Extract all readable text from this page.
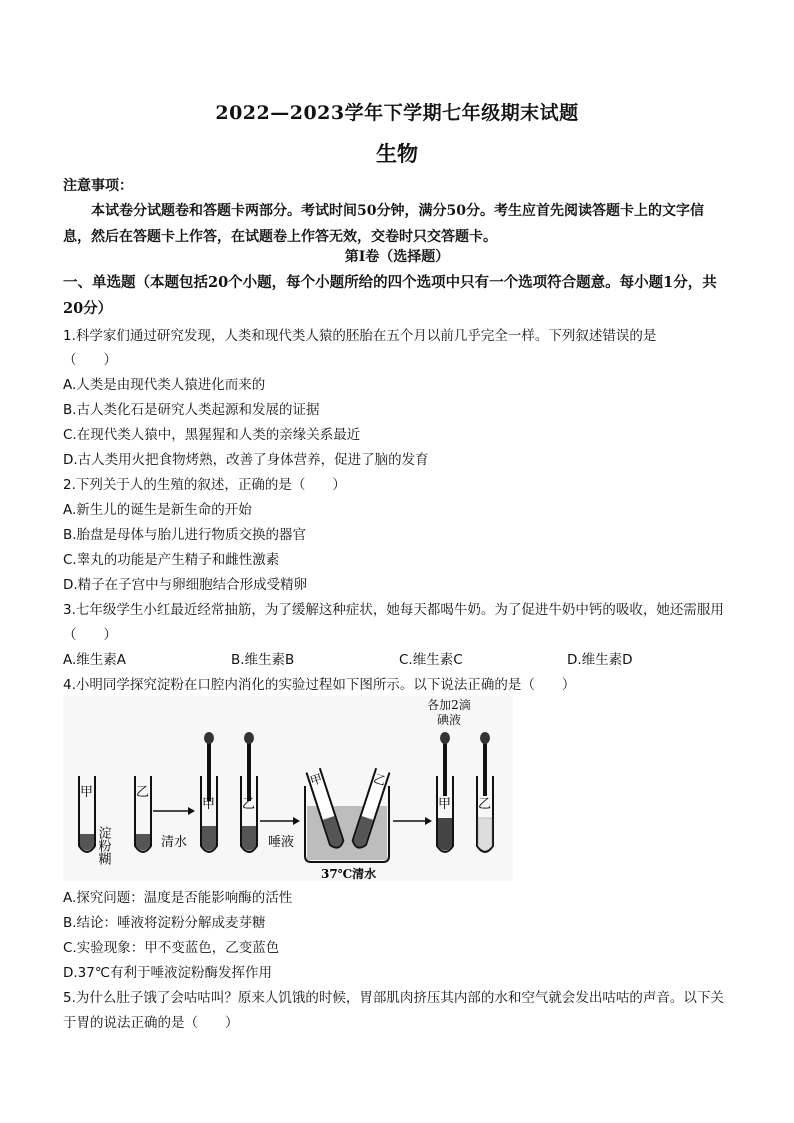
2022—2023学年下学期七年级期末试题
生物
注意事项：
本试卷分试题卷和答题卡两部分。考试时间50分钟，满分50分。考生应首先阅读答题卡上的文字信息，然后在答题卡上作答，在试题卷上作答无效，交卷时只交答题卡。
第Ⅰ卷（选择题）
一、单选题（本题包括20个小题，每个小题所给的四个选项中只有一个选项符合题意。每小题1分，共20分）
1.科学家们通过研究发现，人类和现代类人猿的胚胎在五个月以前几乎完全一样。下列叙述错误的是
（　　）
A.人类是由现代类人猿进化而来的
B.古人类化石是研究人类起源和发展的证据
C.在现代类人猿中，黑猩猩和人类的亲缘关系最近
D.古人类用火把食物烤熟，改善了身体营养，促进了脑的发育
2.下列关于人的生殖的叙述，正确的是（　　）
A.新生儿的诞生是新生命的开始
B.胎盘是母体与胎儿进行物质交换的器官
C.睾丸的功能是产生精子和雌性激素
D.精子在子宫中与卵细胞结合形成受精卵
3.七年级学生小红最近经常抽筋，为了缓解这种症状，她每天都喝牛奶。为了促进牛奶中钙的吸收，她还需服用（　　）
A.维生素A	B.维生素B	C.维生素C	D.维生素D
4.小明同学探究淀粉在口腔内消化的实验过程如下图所示。以下说法正确的是（　　）
甲
淀粉糊
乙
清水
甲 乙
唾液
甲	乙
37℃清水
各加2滴碘液
甲 乙
A.探究问题：温度是否能影响酶的活性
B.结论：唾液将淀粉分解成麦芽糖
C.实验现象：甲不变蓝色，乙变蓝色
D.37℃有利于唾液淀粉酶发挥作用
5.为什么肚子饿了会咕咕叫？原来人饥饿的时候，胃部肌肉挤压其内部的水和空气就会发出咕咕的声音。以下关于胃的说法正确的是（　　）
